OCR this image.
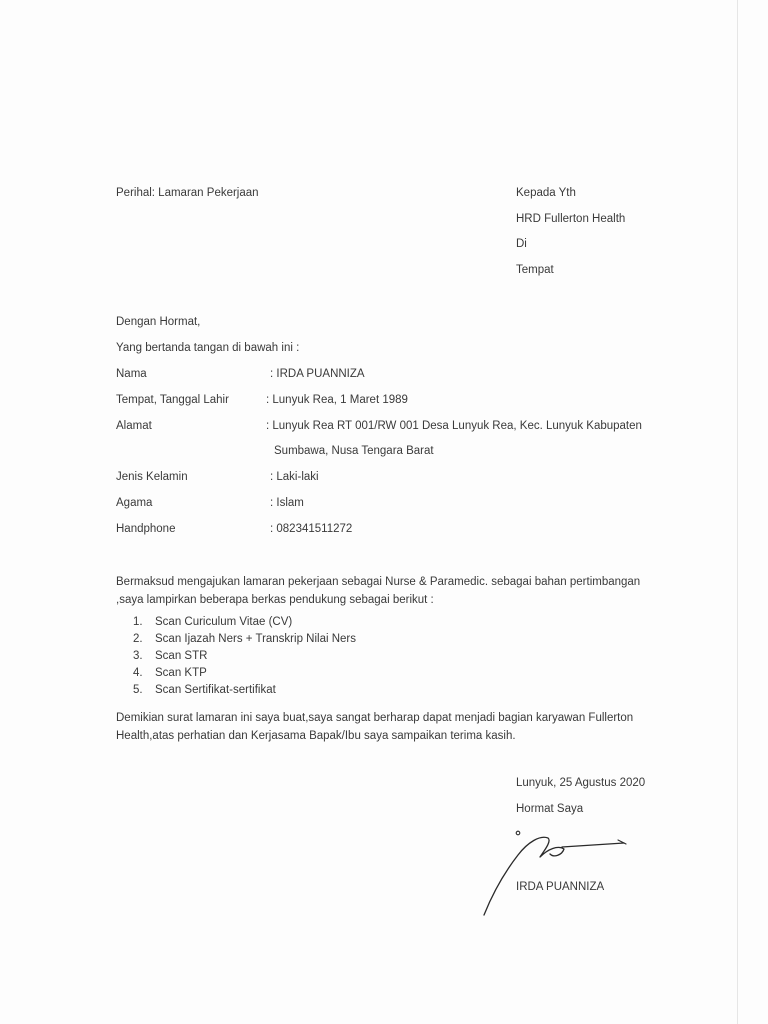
Perihal: Lamaran Pekerjaan	Kepada Yth
HRD Fullerton Health
Di
Tempat
Dengan Hormat,
Yang bertanda tangan di bawah ini :
Nama	: IRDA PUANNIZA
Tempat, Tanggal Lahir	: Lunyuk Rea, 1 Maret 1989
Alamat	: Lunyuk Rea RT 001/RW 001 Desa Lunyuk Rea, Kec. Lunyuk Kabupaten
Sumbawa, Nusa Tengara Barat
Jenis Kelamin	: Laki-laki
Agama	: Islam
Handphone	: 082341511272
Bermaksud mengajukan lamaran pekerjaan sebagai Nurse & Paramedic. sebagai bahan pertimbangan ,saya lampirkan beberapa berkas pendukung sebagai berikut :
1. Scan Curiculum Vitae (CV)
2. Scan Ijazah Ners + Transkrip Nilai Ners
3. Scan STR
4. Scan KTP
5. Scan Sertifikat-sertifikat
Demikian surat lamaran ini saya buat,saya sangat berharap dapat menjadi bagian karyawan Fullerton Health,atas perhatian dan Kerjasama Bapak/Ibu saya sampaikan terima kasih.
Lunyuk, 25 Agustus 2020
Hormat Saya
IRDA PUANNIZA
